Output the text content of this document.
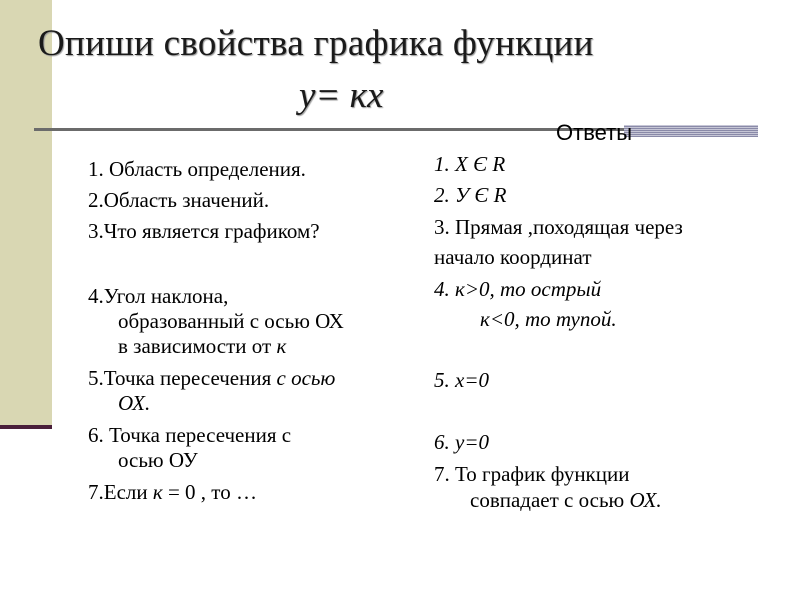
Опиши свойства графика функции
у= кх
Ответы
1. Область определения.
2.Область значений.
3.Что является графиком?
4.Угол наклона,
образованный с осью ОХ
в зависимости от к
5.Точка пересечения с осью
ОХ.
6. Точка пересечения с
осью ОУ
7.Если к = 0 , то …
1. Х Є R
2. У Є R
3. Прямая ,походящая через
начало координат
4. к>0, то острый
к<0, то тупой.
5. х=0
6. у=0
7. То график функции
совпадает с осью ОХ.
